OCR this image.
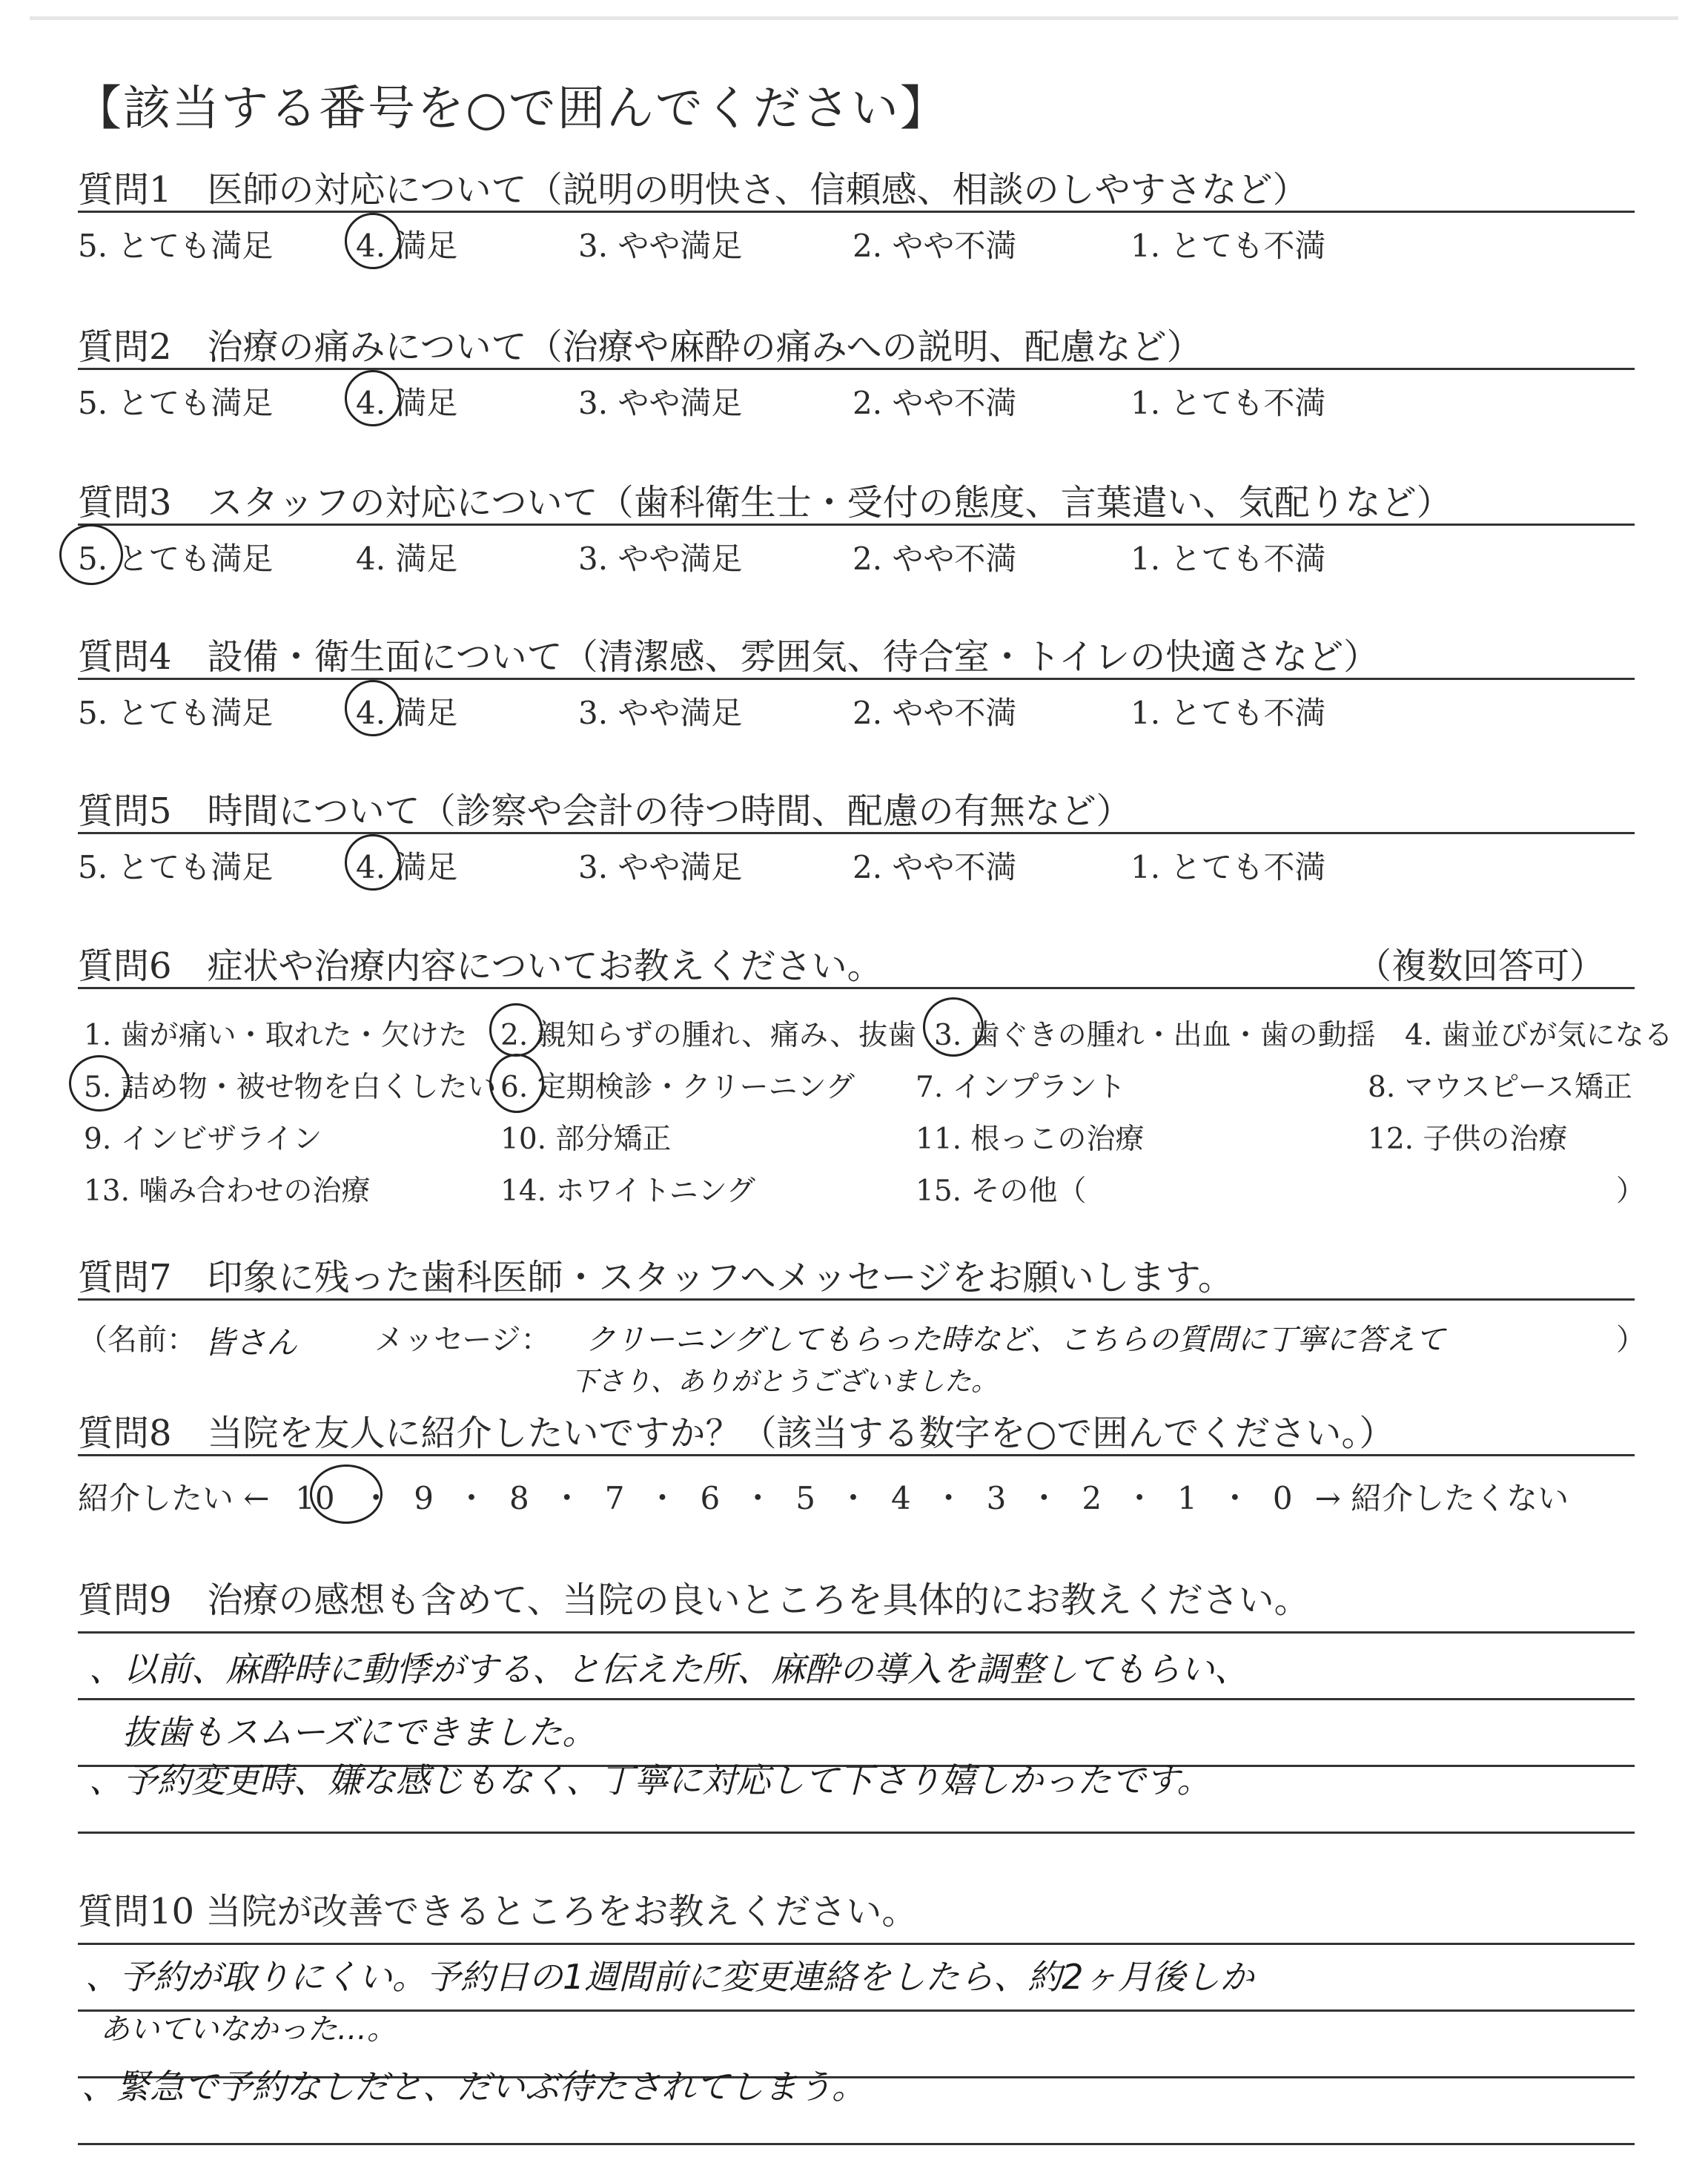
【該当する番号を○で囲んでください】
質問1　医師の対応について（説明の明快さ、信頼感、相談のしやすさなど）
5. とても満足	4. 満足	3. やや満足	2. やや不満	1. とても不満
質問2　治療の痛みについて（治療や麻酔の痛みへの説明、配慮など）
5. とても満足	4. 満足	3. やや満足	2. やや不満	1. とても不満
質問3　スタッフの対応について（歯科衛生士・受付の態度、言葉遣い、気配りなど）
5. とても満足	4. 満足	3. やや満足	2. やや不満	1. とても不満
質問4　設備・衛生面について（清潔感、雰囲気、待合室・トイレの快適さなど）
5. とても満足	4. 満足	3. やや満足	2. やや不満	1. とても不満
質問5　時間について（診察や会計の待つ時間、配慮の有無など）
5. とても満足	4. 満足	3. やや満足	2. やや不満	1. とても不満
質問6　症状や治療内容についてお教えください。	（複数回答可）
1. 歯が痛い・取れた・欠けた 2. 親知らずの腫れ、痛み、抜歯 3. 歯ぐきの腫れ・出血・歯の動揺 4. 歯並びが気になる
5. 詰め物・被せ物を白くしたい 6. 定期検診・クリーニング 7. インプラント	8. マウスピース矯正
9. インビザライン	10. 部分矯正	11. 根っこの治療	12. 子供の治療
13. 噛み合わせの治療	14. ホワイトニング	15. その他（	）
質問7　印象に残った歯科医師・スタッフへメッセージをお願いします。
（名前： 皆さん	メッセージ： クリーニングしてもらった時など、こちらの質問に丁寧に答えて
下さり、ありがとうございました。
）
質問8　当院を友人に紹介したいですか？（該当する数字を○で囲んでください。）
紹介したい ← 10 ・ 9 ・ 8 ・ 7 ・ 6 ・ 5 ・ 4 ・ 3 ・ 2 ・ 1 ・ 0 → 紹介したくない
質問9　治療の感想も含めて、当院の良いところを具体的にお教えください。
、以前、麻酔時に動悸がする、と伝えた所、麻酔の導入を調整してもらい、
抜歯もスムーズにできました。
、予約変更時、嫌な感じもなく、丁寧に対応して下さり嬉しかったです。
質問10 当院が改善できるところをお教えください。
、予約が取りにくい。予約日の1週間前に変更連絡をしたら、約2ヶ月後しか
あいていなかった…。
、緊急で予約なしだと、だいぶ待たされてしまう。
